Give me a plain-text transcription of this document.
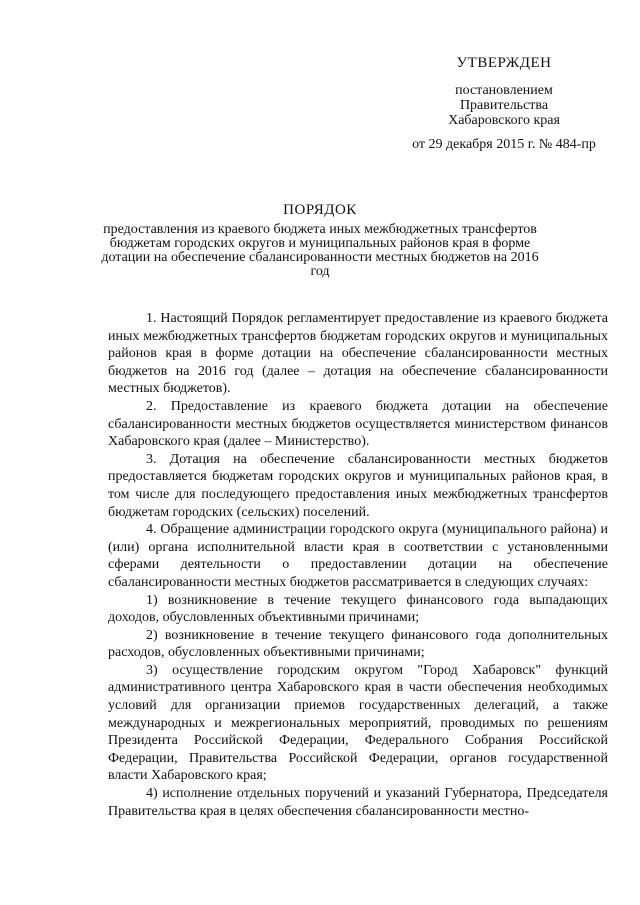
УТВЕРЖДЕН
постановлением
Правительства
Хабаровского края
от 29 декабря 2015 г. № 484-пр
ПОРЯДОК
предоставления из краевого бюджета иных межбюджетных трансфертов бюджетам городских округов и муниципальных районов края в форме дотации на обеспечение сбалансированности местных бюджетов на 2016 год

1. Настоящий Порядок регламентирует предоставление из краевого бюджета иных межбюджетных трансфертов бюджетам городских округов и муниципальных районов края в форме дотации на обеспечение сбалансированности местных бюджетов на 2016 год (далее – дотация на обеспечение сбалансированности местных бюджетов).

2. Предоставление из краевого бюджета дотации на обеспечение сбалансированности местных бюджетов осуществляется министерством финансов Хабаровского края (далее – Министерство).

3. Дотация на обеспечение сбалансированности местных бюджетов предоставляется бюджетам городских округов и муниципальных районов края, в том числе для последующего предоставления иных межбюджетных трансфертов бюджетам городских (сельских) поселений.

4. Обращение администрации городского округа (муниципального района) и (или) органа исполнительной власти края в соответствии с установленными сферами деятельности о предоставлении дотации на обеспечение сбалансированности местных бюджетов рассматривается в следующих случаях:

1) возникновение в течение текущего финансового года выпадающих доходов, обусловленных объективными причинами;

2) возникновение в течение текущего финансового года дополнительных расходов, обусловленных объективными причинами;

3) осуществление городским округом "Город Хабаровск" функций административного центра Хабаровского края в части обеспечения необходимых условий для организации приемов государственных делегаций, а также международных и межрегиональных мероприятий, проводимых по решениям Президента Российской Федерации, Федерального Собрания Российской Федерации, Правительства Российской Федерации, органов государственной власти Хабаровского края;

4) исполнение отдельных поручений и указаний Губернатора, Председателя Правительства края в целях обеспечения сбалансированности местно-
